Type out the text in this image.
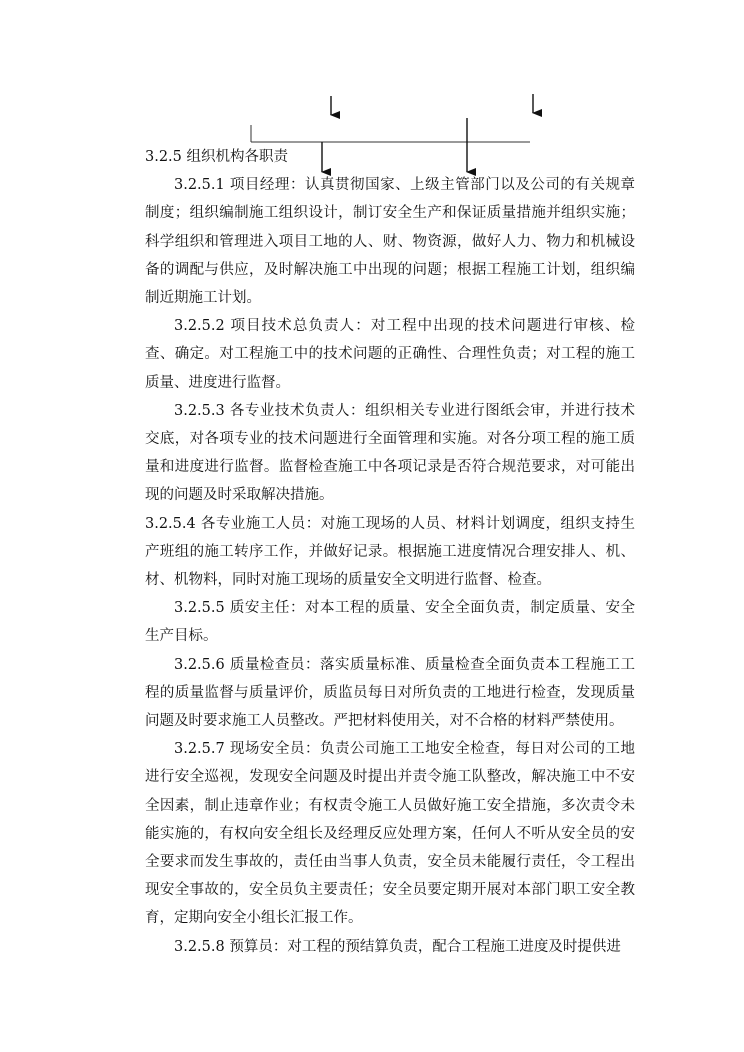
3.2.5 组织机构各职责

3.2.5.1 项目经理：认真贯彻国家、上级主管部门以及公司的有关规章制度；组织编制施工组织设计，制订安全生产和保证质量措施并组织实施；科学组织和管理进入项目工地的人、财、物资源，做好人力、物力和机械设备的调配与供应，及时解决施工中出现的问题；根据工程施工计划，组织编制近期施工计划。

3.2.5.2 项目技术总负责人：对工程中出现的技术问题进行审核、检查、确定。对工程施工中的技术问题的正确性、合理性负责；对工程的施工质量、进度进行监督。

3.2.5.3 各专业技术负责人：组织相关专业进行图纸会审，并进行技术交底，对各项专业的技术问题进行全面管理和实施。对各分项工程的施工质量和进度进行监督。监督检查施工中各项记录是否符合规范要求，对可能出现的问题及时采取解决措施。

3.2.5.4 各专业施工人员：对施工现场的人员、材料计划调度，组织支持生产班组的施工转序工作，并做好记录。根据施工进度情况合理安排人、机、材、机物料，同时对施工现场的质量安全文明进行监督、检查。

3.2.5.5 质安主任：对本工程的质量、安全全面负责，制定质量、安全生产目标。

3.2.5.6 质量检查员：落实质量标准、质量检查全面负责本工程施工工程的质量监督与质量评价，质监员每日对所负责的工地进行检查，发现质量问题及时要求施工人员整改。严把材料使用关，对不合格的材料严禁使用。

3.2.5.7 现场安全员：负责公司施工工地安全检查，每日对公司的工地进行安全巡视，发现安全问题及时提出并责令施工队整改，解决施工中不安全因素，制止违章作业；有权责令施工人员做好施工安全措施，多次责令未能实施的，有权向安全组长及经理反应处理方案，任何人不听从安全员的安全要求而发生事故的，责任由当事人负责，安全员未能履行责任，令工程出现安全事故的，安全员负主要责任；安全员要定期开展对本部门职工安全教育，定期向安全小组长汇报工作。

3.2.5.8 预算员：对工程的预结算负责，配合工程施工进度及时提供进
